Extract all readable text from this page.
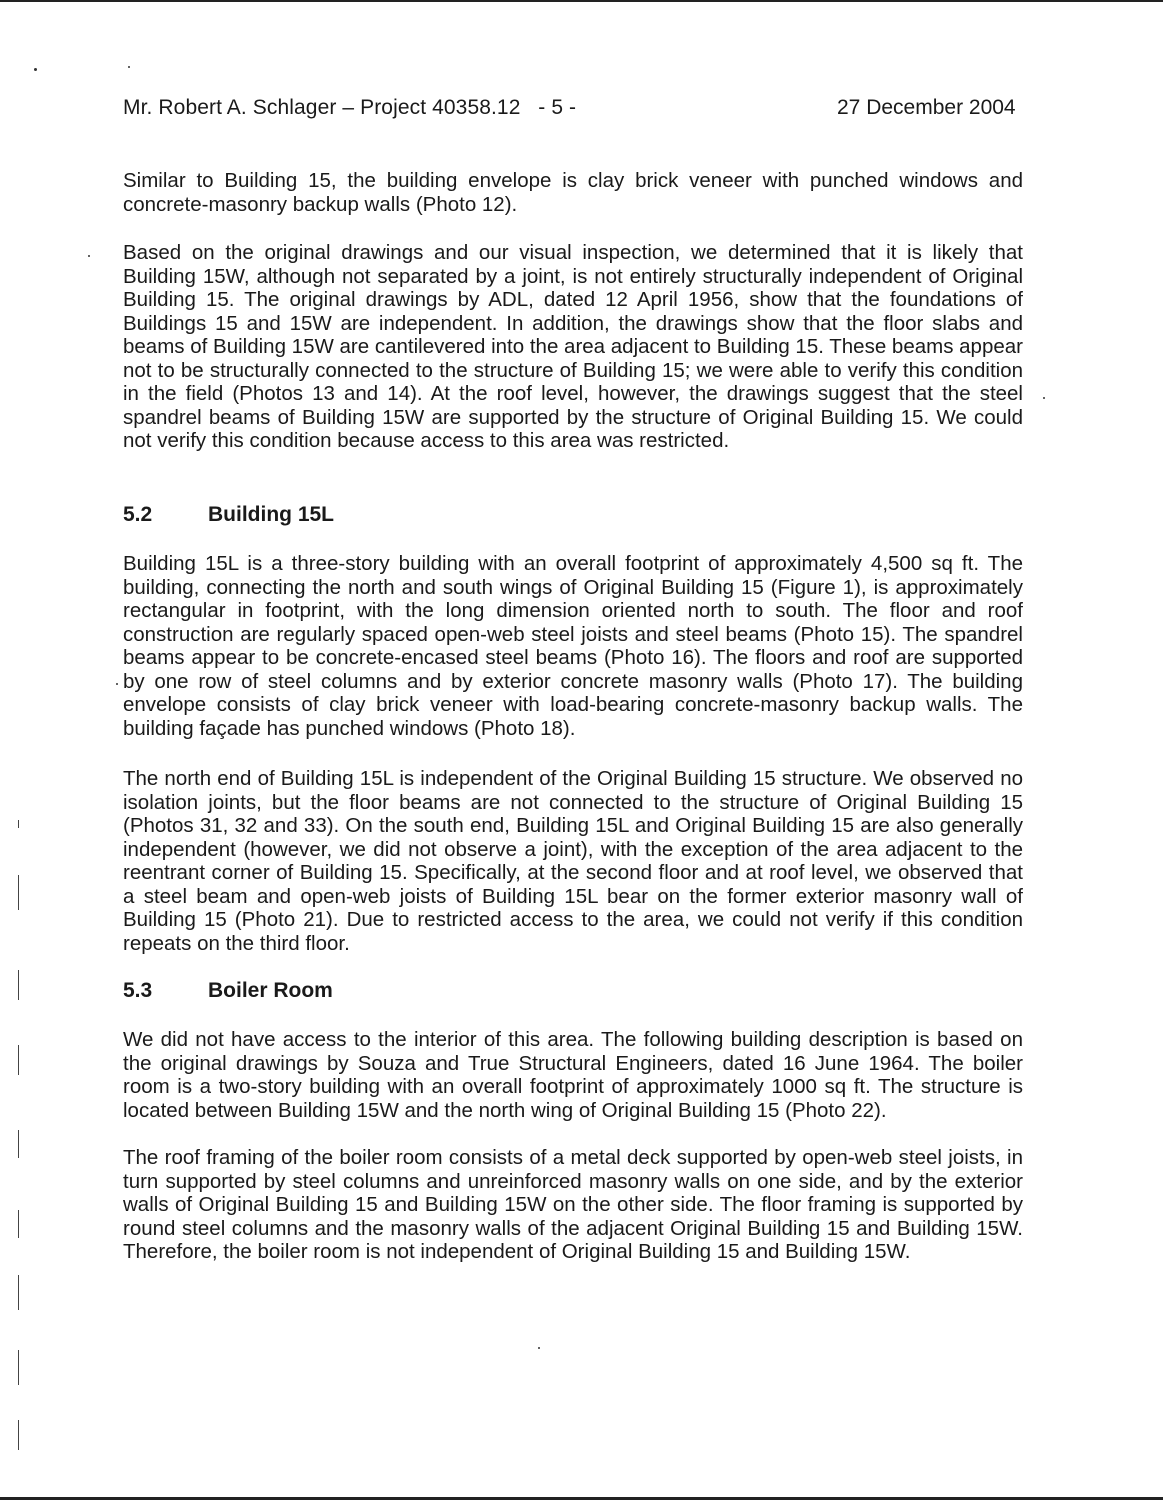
Mr. Robert A. Schlager – Project 40358.12   - 5 -	27 December 2004

Similar to Building 15, the building envelope is clay brick veneer with punched windows and concrete-masonry backup walls (Photo 12).

Based on the original drawings and our visual inspection, we determined that it is likely that Building 15W, although not separated by a joint, is not entirely structurally independent of Original Building 15. The original drawings by ADL, dated 12 April 1956, show that the foundations of Buildings 15 and 15W are independent. In addition, the drawings show that the floor slabs and beams of Building 15W are cantilevered into the area adjacent to Building 15. These beams appear not to be structurally connected to the structure of Building 15; we were able to verify this condition in the field (Photos 13 and 14). At the roof level, however, the drawings suggest that the steel spandrel beams of Building 15W are supported by the structure of Original Building 15. We could not verify this condition because access to this area was restricted.

5.2	Building 15L

Building 15L is a three-story building with an overall footprint of approximately 4,500 sq ft. The building, connecting the north and south wings of Original Building 15 (Figure 1), is approximately rectangular in footprint, with the long dimension oriented north to south. The floor and roof construction are regularly spaced open-web steel joists and steel beams (Photo 15). The spandrel beams appear to be concrete-encased steel beams (Photo 16). The floors and roof are supported by one row of steel columns and by exterior concrete masonry walls (Photo 17). The building envelope consists of clay brick veneer with load-bearing concrete-masonry backup walls. The building façade has punched windows (Photo 18).

The north end of Building 15L is independent of the Original Building 15 structure. We observed no isolation joints, but the floor beams are not connected to the structure of Original Building 15 (Photos 31, 32 and 33). On the south end, Building 15L and Original Building 15 are also generally independent (however, we did not observe a joint), with the exception of the area adjacent to the reentrant corner of Building 15. Specifically, at the second floor and at roof level, we observed that a steel beam and open-web joists of Building 15L bear on the former exterior masonry wall of Building 15 (Photo 21). Due to restricted access to the area, we could not verify if this condition repeats on the third floor.

5.3	Boiler Room

We did not have access to the interior of this area. The following building description is based on the original drawings by Souza and True Structural Engineers, dated 16 June 1964. The boiler room is a two-story building with an overall footprint of approximately 1000 sq ft. The structure is located between Building 15W and the north wing of Original Building 15 (Photo 22).

The roof framing of the boiler room consists of a metal deck supported by open-web steel joists, in turn supported by steel columns and unreinforced masonry walls on one side, and by the exterior walls of Original Building 15 and Building 15W on the other side. The floor framing is supported by round steel columns and the masonry walls of the adjacent Original Building 15 and Building 15W. Therefore, the boiler room is not independent of Original Building 15 and Building 15W.
